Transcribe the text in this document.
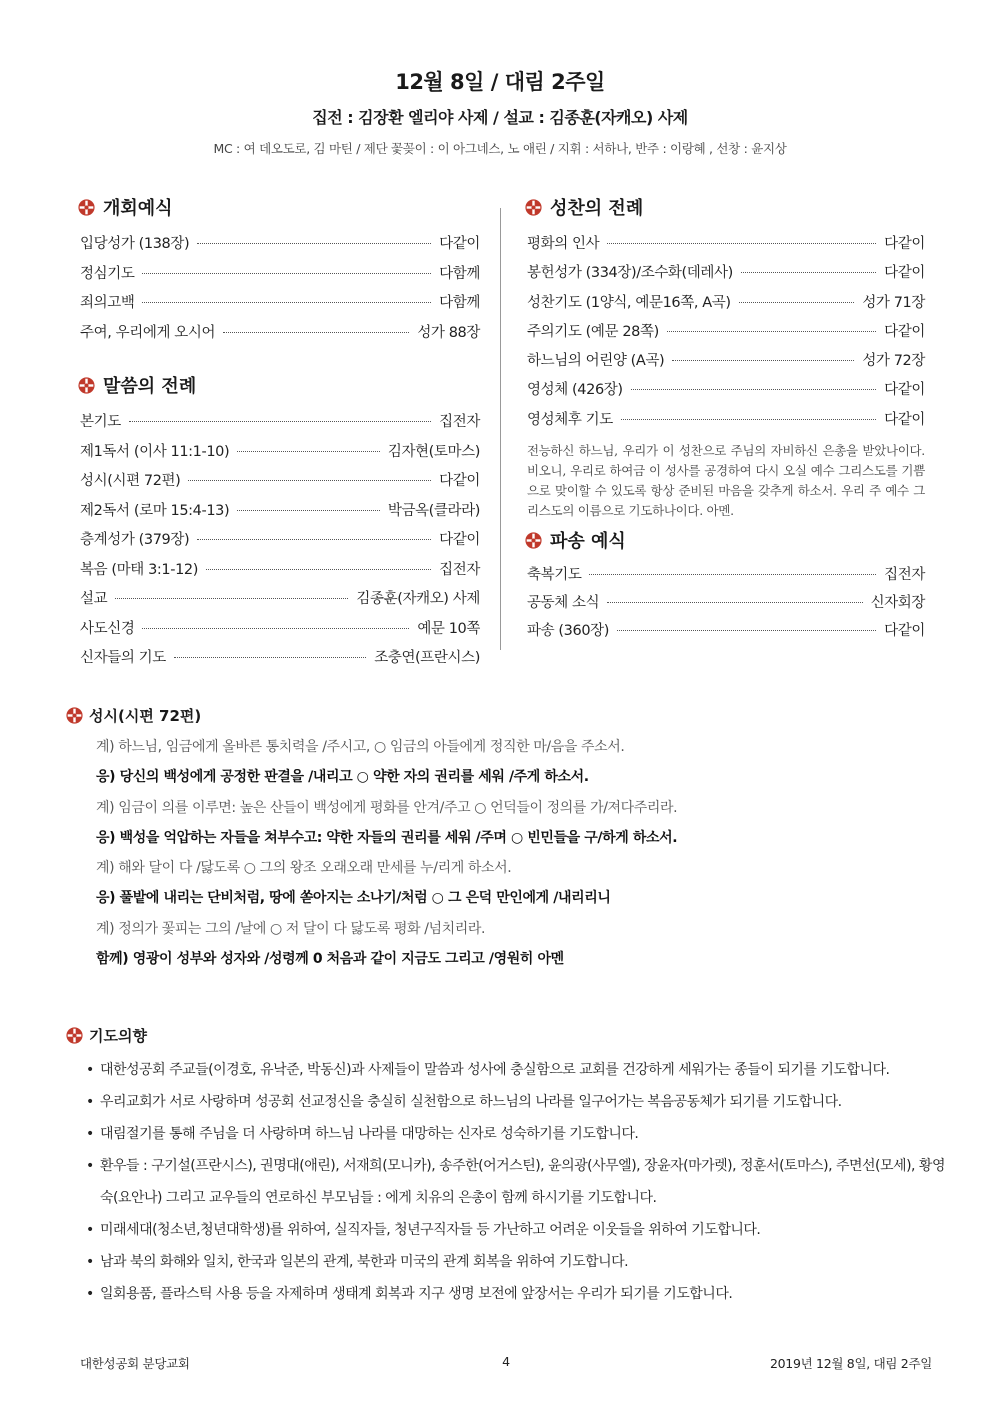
12월 8일 / 대림 2주일
집전 : 김장환 엘리야 사제 / 설교 : 김종훈(자캐오) 사제
MC : 여 데오도로, 김 마틴 / 제단 꽃꽂이 : 이 아그네스, 노 애린 / 지휘 : 서하나, 반주 : 이랑혜 , 선창 : 윤지상
개회예식
입당성가 (138장)	다같이
정심기도	다함께
죄의고백	다함께
주여, 우리에게 오시어	성가 88장
말씀의 전례
본기도	집전자
제1독서 (이사 11:1-10)	김자현(토마스)
성시(시편 72편)	다같이
제2독서 (로마 15:4-13)	박금옥(클라라)
층계성가 (379장)	다같이
복음 (마태 3:1-12)	집전자
설교	김종훈(자캐오) 사제
사도신경	예문 10쪽
신자들의 기도	조충연(프란시스)
성찬의 전례
평화의 인사	다같이
봉헌성가 (334장)/조수화(데레사)	다같이
성찬기도 (1양식, 예문16쪽, A곡)	성가 71장
주의기도 (예문 28쪽)	다같이
하느님의 어린양 (A곡)	성가 72장
영성체 (426장)	다같이
영성체후 기도	다같이
전능하신 하느님, 우리가 이 성찬으로 주님의 자비하신 은총을 받았나이다. 비오니, 우리로 하여금 이 성사를 공경하여 다시 오실 예수 그리스도를 기쁨으로 맞이할 수 있도록 항상 준비된 마음을 갖추게 하소서. 우리 주 예수 그리스도의 이름으로 기도하나이다. 아멘.
파송 예식
축복기도	집전자
공동체 소식	신자회장
파송 (360장)	다같이
성시(시편 72편)
계) 하느님, 임금에게 올바른 통치력을 /주시고, ○ 임금의 아들에게 정직한 마/음을 주소서.
응) 당신의 백성에게 공정한 판결을 /내리고 ○ 약한 자의 권리를 세워 /주게 하소서.
계) 임금이 의를 이루면: 높은 산들이 백성에게 평화를 안겨/주고 ○ 언덕들이 정의를 가/져다주리라.
응) 백성을 억압하는 자들을 쳐부수고: 약한 자들의 권리를 세워 /주며 ○ 빈민들을 구/하게 하소서.
계) 해와 달이 다 /닳도록 ○ 그의 왕조 오래오래 만세를 누/리게 하소서.
응) 풀밭에 내리는 단비처럼, 땅에 쏟아지는 소나기/처럼 ○ 그 은덕 만인에게 /내리리니
계) 정의가 꽃피는 그의 /날에 ○ 저 달이 다 닳도록 평화 /넘치리라.
함께) 영광이 성부와 성자와 /성령께 0 처음과 같이 지금도 그리고 /영원히 아멘
기도의향
• 대한성공회 주교들(이경호, 유낙준, 박동신)과 사제들이 말씀과 성사에 충실함으로 교회를 건강하게 세워가는 종들이 되기를 기도합니다.
• 우리교회가 서로 사랑하며 성공회 선교정신을 충실히 실천함으로 하느님의 나라를 일구어가는 복음공동체가 되기를 기도합니다.
• 대림절기를 통해 주님을 더 사랑하며 하느님 나라를 대망하는 신자로 성숙하기를 기도합니다.
• 환우들 : 구기설(프란시스), 권명대(애린), 서재희(모니카), 송주한(어거스틴), 윤의광(사무엘), 장윤자(마가렛), 정훈서(토마스), 주면선(모세), 황영숙(요안나) 그리고 교우들의 연로하신 부모님들 : 에게 치유의 은총이 함께 하시기를 기도합니다.
• 미래세대(청소년,청년대학생)를 위하여, 실직자들, 청년구직자들 등 가난하고 어려운 이웃들을 위하여 기도합니다.
• 남과 북의 화해와 일치, 한국과 일본의 관계, 북한과 미국의 관계 회복을 위하여 기도합니다.
• 일회용품, 플라스틱 사용 등을 자제하며 생태계 회복과 지구 생명 보전에 앞장서는 우리가 되기를 기도합니다.
대한성공회 분당교회	4	2019년 12월 8일, 대림 2주일
